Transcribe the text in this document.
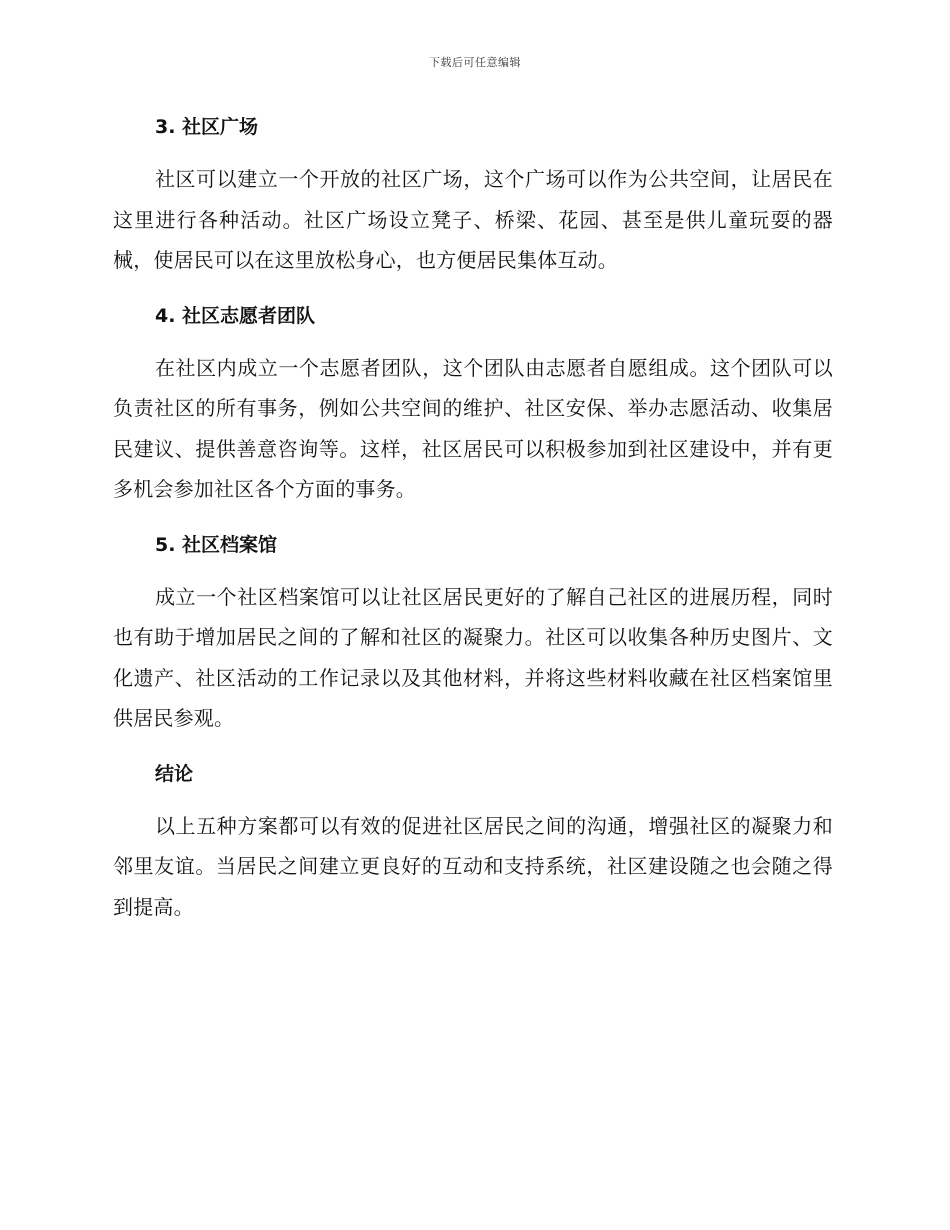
下载后可任意编辑
3. 社区广场

社区可以建立一个开放的社区广场，这个广场可以作为公共空间，让居民在这里进行各种活动。社区广场设立凳子、桥梁、花园、甚至是供儿童玩耍的器械，使居民可以在这里放松身心，也方便居民集体互动。

4. 社区志愿者团队

在社区内成立一个志愿者团队，这个团队由志愿者自愿组成。这个团队可以负责社区的所有事务，例如公共空间的维护、社区安保、举办志愿活动、收集居民建议、提供善意咨询等。这样，社区居民可以积极参加到社区建设中，并有更多机会参加社区各个方面的事务。

5. 社区档案馆

成立一个社区档案馆可以让社区居民更好的了解自己社区的进展历程，同时也有助于增加居民之间的了解和社区的凝聚力。社区可以收集各种历史图片、文化遗产、社区活动的工作记录以及其他材料，并将这些材料收藏在社区档案馆里供居民参观。

结论

以上五种方案都可以有效的促进社区居民之间的沟通，增强社区的凝聚力和邻里友谊。当居民之间建立更良好的互动和支持系统，社区建设随之也会随之得到提高。
